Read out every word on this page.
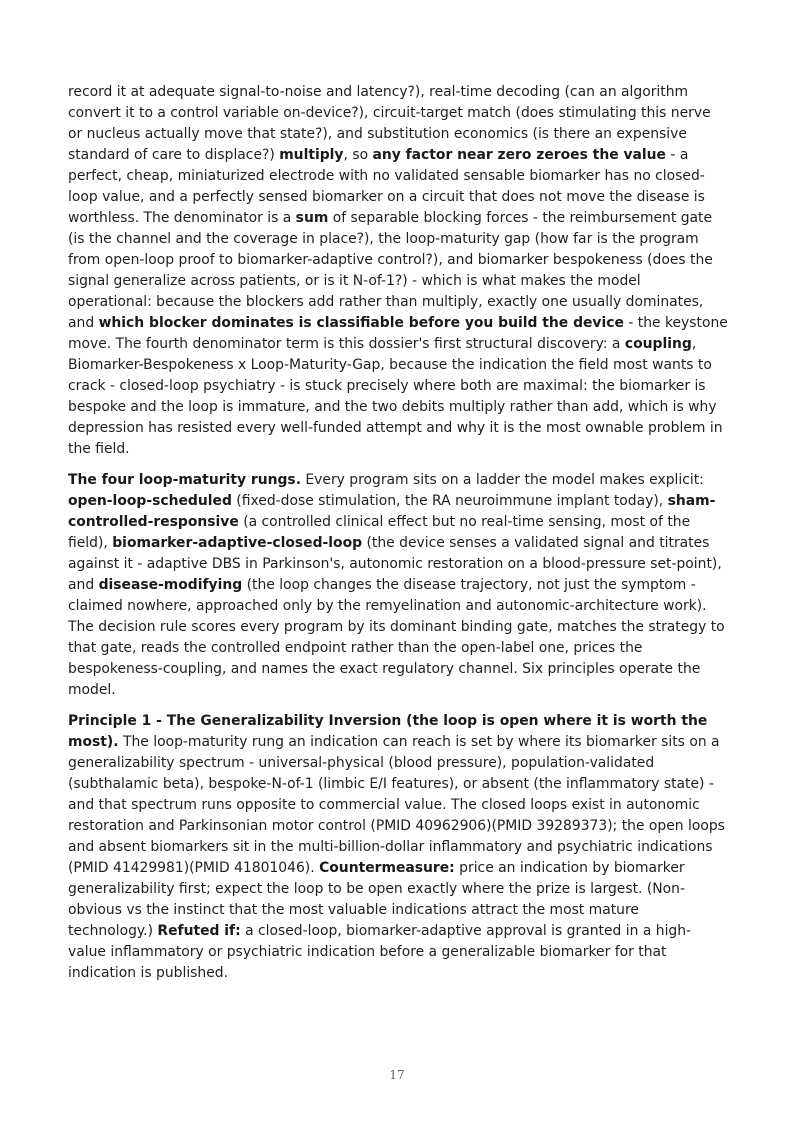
record it at adequate signal-to-noise and latency?), real-time decoding (can an algorithm convert it to a control variable on-device?), circuit-target match (does stimulating this nerve or nucleus actually move that state?), and substitution economics (is there an expensive standard of care to displace?) multiply, so any factor near zero zeroes the value - a perfect, cheap, miniaturized electrode with no validated sensable biomarker has no closed-loop value, and a perfectly sensed biomarker on a circuit that does not move the disease is worthless. The denominator is a sum of separable blocking forces - the reimbursement gate (is the channel and the coverage in place?), the loop-maturity gap (how far is the program from open-loop proof to biomarker-adaptive control?), and biomarker bespokeness (does the signal generalize across patients, or is it N-of-1?) - which is what makes the model operational: because the blockers add rather than multiply, exactly one usually dominates, and which blocker dominates is classifiable before you build the device - the keystone move. The fourth denominator term is this dossier's first structural discovery: a coupling, Biomarker-Bespokeness x Loop-Maturity-Gap, because the indication the field most wants to crack - closed-loop psychiatry - is stuck precisely where both are maximal: the biomarker is bespoke and the loop is immature, and the two debits multiply rather than add, which is why depression has resisted every well-funded attempt and why it is the most ownable problem in the field.

The four loop-maturity rungs. Every program sits on a ladder the model makes explicit: open-loop-scheduled (fixed-dose stimulation, the RA neuroimmune implant today), sham-controlled-responsive (a controlled clinical effect but no real-time sensing, most of the field), biomarker-adaptive-closed-loop (the device senses a validated signal and titrates against it - adaptive DBS in Parkinson's, autonomic restoration on a blood-pressure set-point), and disease-modifying (the loop changes the disease trajectory, not just the symptom - claimed nowhere, approached only by the remyelination and autonomic-architecture work). The decision rule scores every program by its dominant binding gate, matches the strategy to that gate, reads the controlled endpoint rather than the open-label one, prices the bespokeness-coupling, and names the exact regulatory channel. Six principles operate the model.

Principle 1 - The Generalizability Inversion (the loop is open where it is worth the most). The loop-maturity rung an indication can reach is set by where its biomarker sits on a generalizability spectrum - universal-physical (blood pressure), population-validated (subthalamic beta), bespoke-N-of-1 (limbic E/I features), or absent (the inflammatory state) - and that spectrum runs opposite to commercial value. The closed loops exist in autonomic restoration and Parkinsonian motor control (PMID 40962906)(PMID 39289373); the open loops and absent biomarkers sit in the multi-billion-dollar inflammatory and psychiatric indications (PMID 41429981)(PMID 41801046). Countermeasure: price an indication by biomarker generalizability first; expect the loop to be open exactly where the prize is largest. (Non-obvious vs the instinct that the most valuable indications attract the most mature technology.) Refuted if: a closed-loop, biomarker-adaptive approval is granted in a high-value inflammatory or psychiatric indication before a generalizable biomarker for that indication is published.

17
